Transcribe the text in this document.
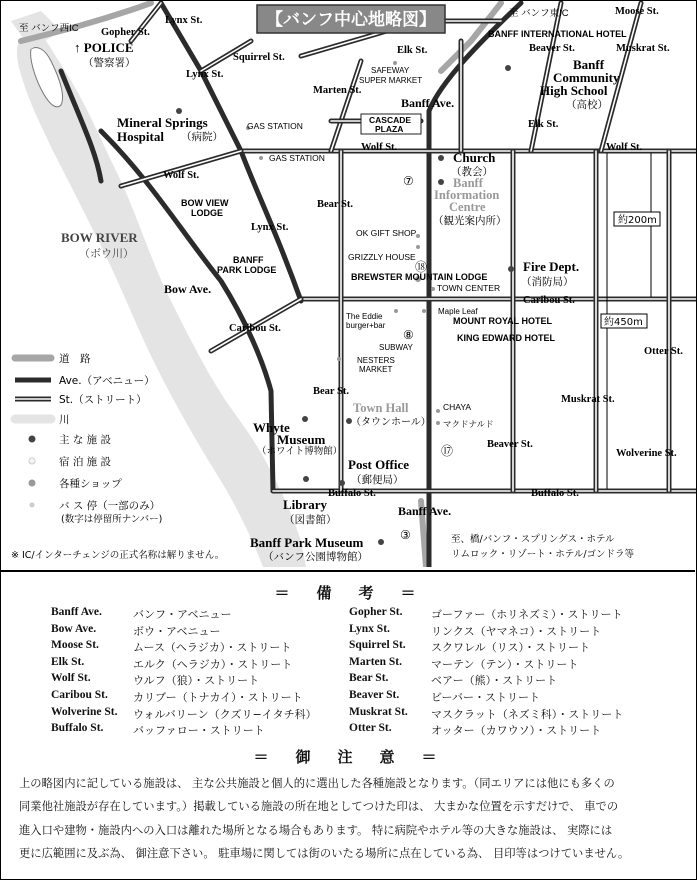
【バンフ中心地略図】
至 バンフ西IC
至 バンフ東IC
BOW RIVER
（ボウ川）
Lynx St.
Gopher St.
Squirrel St.
Lynx St.
Elk St.
Moose St.
Beaver St.	Muskrat St.
Marten St.
Banff Ave.
Elk St.
Wolf St.	Wolf St.
Wolf St.
Bear St.
Lynx St.
Bow Ave.
Caribou St.
Caribou St.
Bear St.
Beaver St.
Muskrat St.
Otter St.
Wolverine St.
Buffalo St.	Buffalo St.
Banff Ave.
↑ POLICE
（警察署）
Mineral Springs
Hospital （病院）
GAS STATION
GAS STATION
SAFEWAY
SUPER MARKET
BANFF INTERNATIONAL HOTEL
Banff
Community
High School
（高校）
CASCADE
PLAZA
Church
（教会）
Banff
Information
Centre
（観光案内所）
BOW VIEW
LODGE
BANFF
PARK LODGE
OK GIFT SHOP
GRIZZLY HOUSE
BREWSTER MOUNTAIN LODGE
TOWN CENTER
Fire Dept.
（消防局）
The Eddie
burger+bar
Maple Leaf
MOUNT ROYAL HOTEL
SUBWAY
KING EDWARD HOTEL
NESTERS
MARKET
Town Hall
（タウンホール）
CHAYA
マクドナルド
Whyte
Museum
（ホワイト博物館）
Post Office
（郵便局）
Library
（図書館）
Banff Park Museum
（バンフ公園博物館）
至、橋/バンフ・スプリングス・ホテル
リムロック・リゾート・ホテル/ゴンドラ等
⑦
⑱
⑧
⑰
③
約200m
約450m
道　路
Ave.（アベニュー）
St.（ストリート）
川
主 な 施 設
宿 泊 施 設
各種ショップ
バ ス 停（一部のみ）
(数字は停留所ナンバー)
※ IC/インターチェンジの正式名称は解りません。
＝　備　考　＝
Banff Ave.	バンフ・アベニュー
Bow Ave.	ボウ・アベニュー
Moose St.	ムース（ヘラジカ）・ストリート
Elk St.	エルク（ヘラジカ）・ストリート
Wolf St.	ウルフ（狼）・ストリート
Caribou St.	カリブー（トナカイ）・ストリート
Wolverine St.	ウォルバリーン（クズリ−イタチ科）
Buffalo St.	バッファロー・ストリート
Gopher St.	ゴーファー（ホリネズミ）・ストリート
Lynx St.	リンクス（ヤマネコ）・ストリート
Squirrel St.	スクワレル（リス）・ストリート
Marten St.	マーテン（テン）・ストリート
Bear St.	ベアー（熊）・ストリート
Beaver St.	ビーバー・ストリート
Muskrat St.	マスクラット（ネズミ科）・ストリート
Otter St.	オッター（カワウソ）・ストリート
＝　御　注　意　＝
上の略図内に記している施設は、 主な公共施設と個人的に選出した各種施設となります。（同エリアには他にも多くの
同業他社施設が存在しています。）掲載している施設の所在地としてつけた印は、 大まかな位置を示すだけで、 車での
進入口や建物・施設内への入口は離れた場所となる場合もあります。 特に病院やホテル等の大きな施設は、 実際には
更に広範囲に及ぶ為、 御注意下さい。 駐車場に関しては街のいたる場所に点在している為、 目印等はつけていません。
